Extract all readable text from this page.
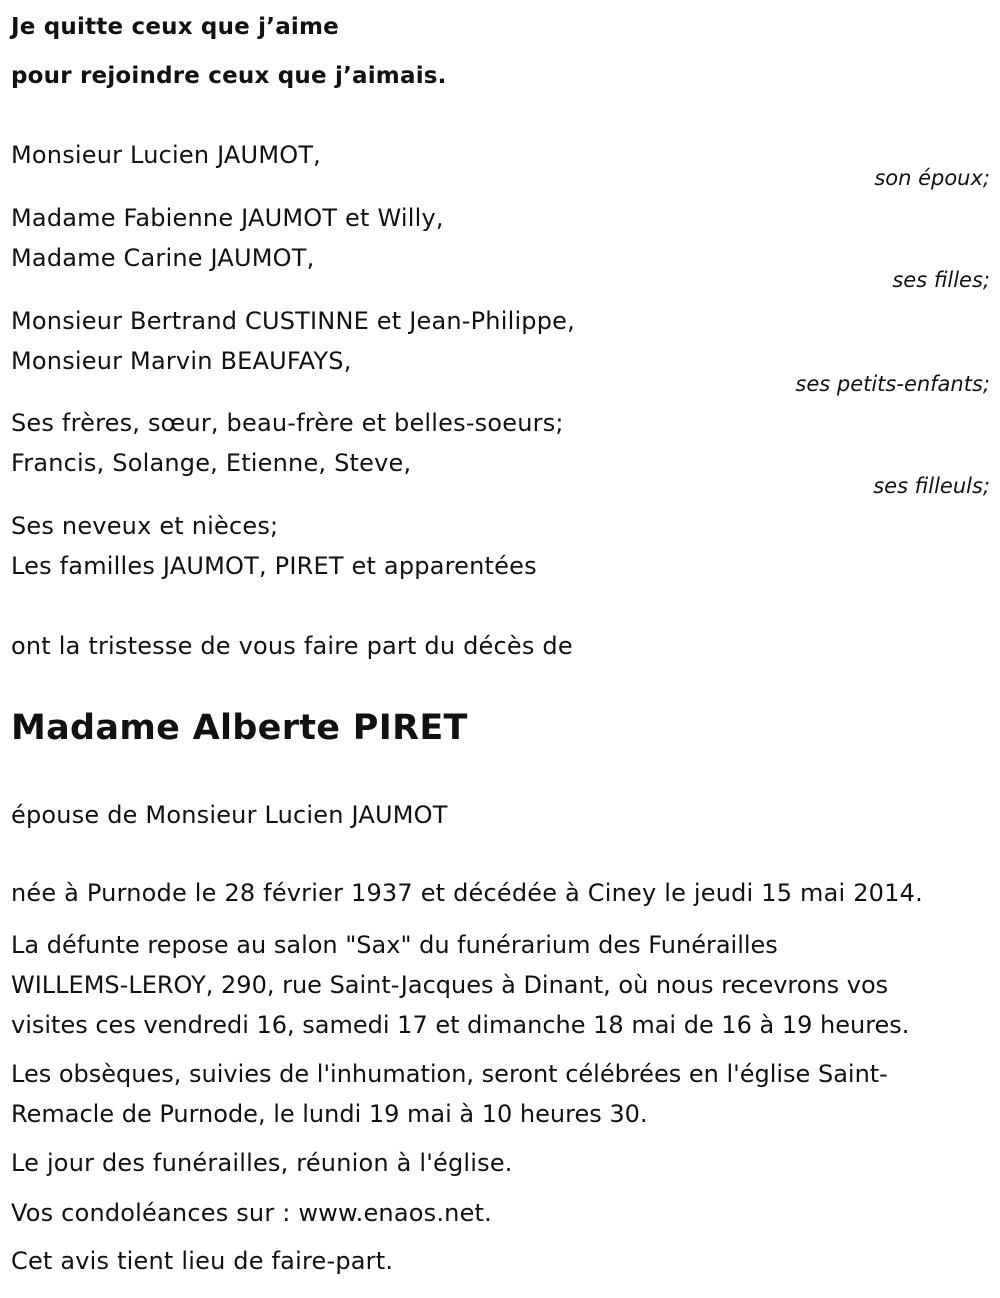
Je quitte ceux que j’aime
pour rejoindre ceux que j’aimais.
Monsieur Lucien JAUMOT,
son époux;
Madame Fabienne JAUMOT et Willy,
Madame Carine JAUMOT,
ses filles;
Monsieur Bertrand CUSTINNE et Jean-Philippe,
Monsieur Marvin BEAUFAYS,
ses petits-enfants;
Ses frères, sœur, beau-frère et belles-soeurs;
Francis, Solange, Etienne, Steve,
ses filleuls;
Ses neveux et nièces;
Les familles JAUMOT, PIRET et apparentées
ont la tristesse de vous faire part du décès de
Madame Alberte PIRET
épouse de Monsieur Lucien JAUMOT
née à Purnode le 28 février 1937 et décédée à Ciney le jeudi 15 mai 2014.
La défunte repose au salon "Sax" du funérarium des Funérailles
WILLEMS-LEROY, 290, rue Saint-Jacques à Dinant, où nous recevrons vos
visites ces vendredi 16, samedi 17 et dimanche 18 mai de 16 à 19 heures.
Les obsèques, suivies de l'inhumation, seront célébrées en l'église Saint-
Remacle de Purnode, le lundi 19 mai à 10 heures 30.
Le jour des funérailles, réunion à l'église.
Vos condoléances sur : www.enaos.net.
Cet avis tient lieu de faire-part.
